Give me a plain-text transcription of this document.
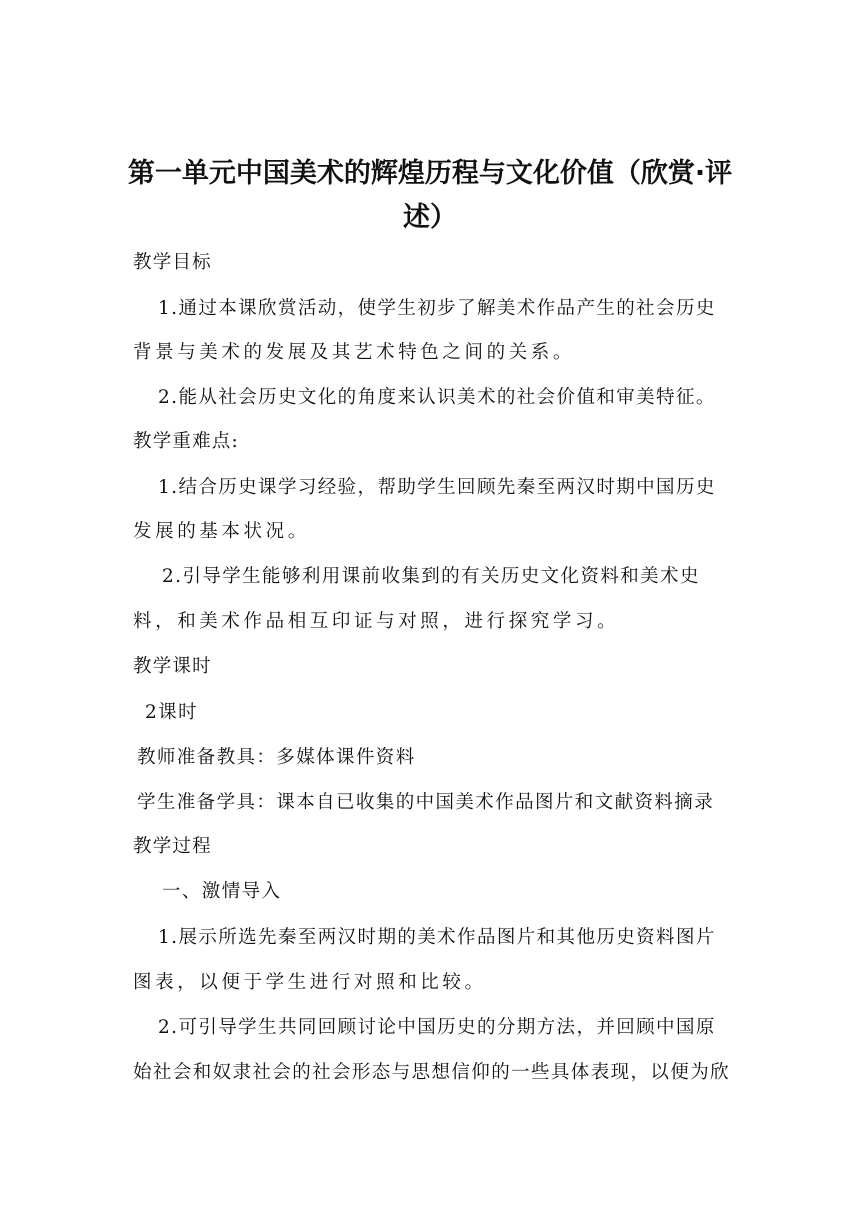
第一单元中国美术的辉煌历程与文化价值（欣赏·评
述）
教学目标
1.通过本课欣赏活动，使学生初步了解美术作品产生的社会历史
背景与美术的发展及其艺术特色之间的关系。
2.能从社会历史文化的角度来认识美术的社会价值和审美特征。
教学重难点:
1.结合历史课学习经验，帮助学生回顾先秦至两汉时期中国历史
发展的基本状况。
2.引导学生能够利用课前收集到的有关历史文化资料和美术史
料，和美术作品相互印证与对照，进行探究学习。
教学课时
2课时
教师准备教具：多媒体课件资料
学生准备学具：课本自已收集的中国美术作品图片和文献资料摘录
教学过程
一、激情导入
1.展示所选先秦至两汉时期的美术作品图片和其他历史资料图片
图表，以便于学生进行对照和比较。
2.可引导学生共同回顾讨论中国历史的分期方法，并回顾中国原
始社会和奴隶社会的社会形态与思想信仰的一些具体表现，以便为欣
